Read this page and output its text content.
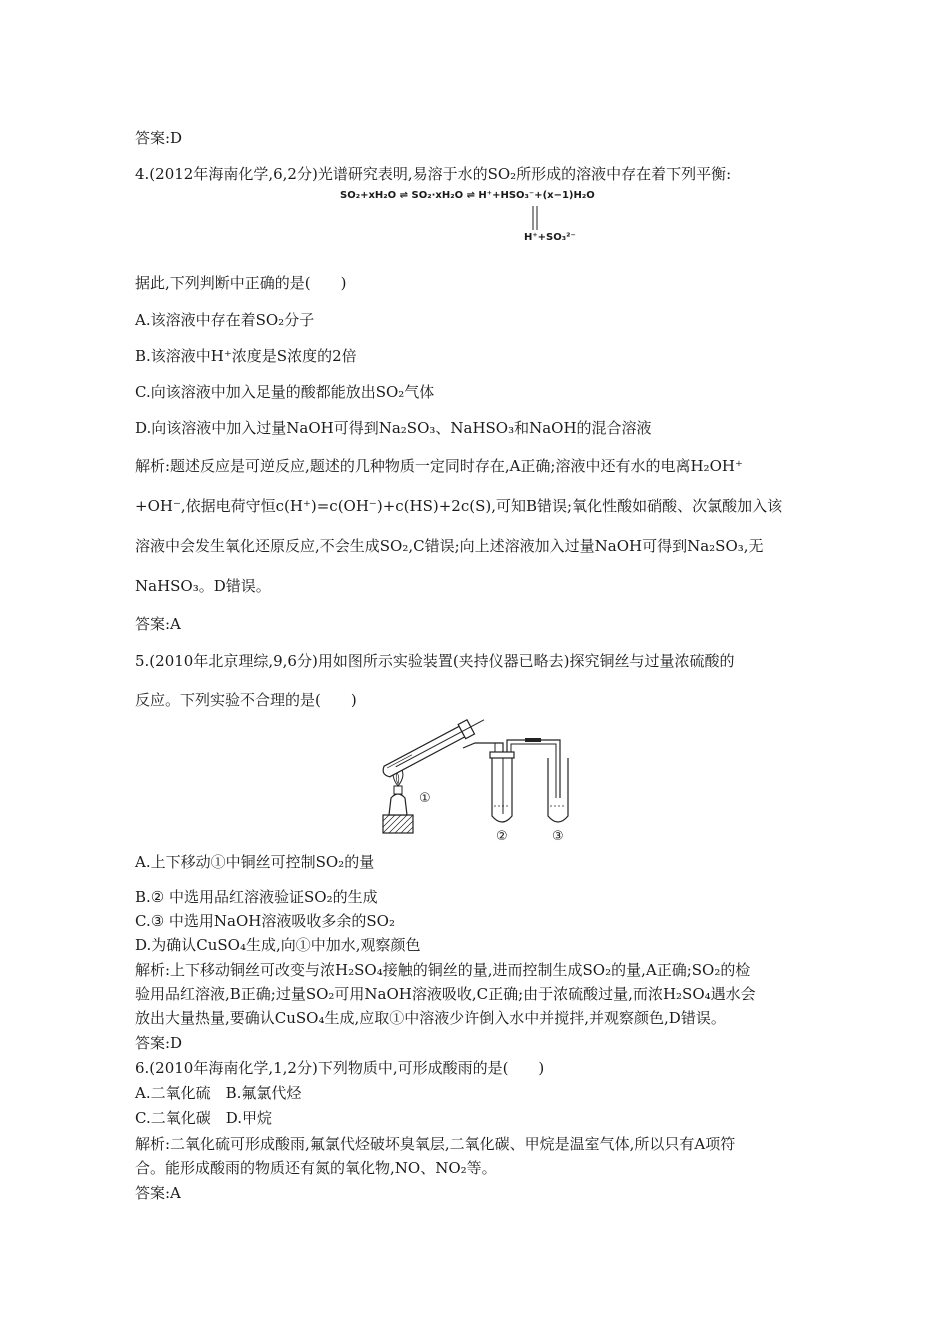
答案:D
4.(2012年海南化学,6,2分)光谱研究表明,易溶于水的SO₂所形成的溶液中存在着下列平衡:
SO₂+xH₂O ⇌ SO₂·xH₂O ⇌ H⁺+HSO₃⁻+(x−1)H₂O
H⁺+SO₃²⁻
据此,下列判断中正确的是(　　)
A.该溶液中存在着SO₂分子
B.该溶液中H⁺浓度是S浓度的2倍
C.向该溶液中加入足量的酸都能放出SO₂气体
D.向该溶液中加入过量NaOH可得到Na₂SO₃、NaHSO₃和NaOH的混合溶液
解析:题述反应是可逆反应,题述的几种物质一定同时存在,A正确;溶液中还有水的电离H₂OH⁺
+OH⁻,依据电荷守恒c(H⁺)=c(OH⁻)+c(HS)+2c(S),可知B错误;氧化性酸如硝酸、次氯酸加入该
溶液中会发生氧化还原反应,不会生成SO₂,C错误;向上述溶液加入过量NaOH可得到Na₂SO₃,无
NaHSO₃。D错误。
答案:A
5.(2010年北京理综,9,6分)用如图所示实验装置(夹持仪器已略去)探究铜丝与过量浓硫酸的
反应。下列实验不合理的是(　　)
①
②	③
A.上下移动①中铜丝可控制SO₂的量
B.② 中选用品红溶液验证SO₂的生成
C.③ 中选用NaOH溶液吸收多余的SO₂
D.为确认CuSO₄生成,向①中加水,观察颜色
解析:上下移动铜丝可改变与浓H₂SO₄接触的铜丝的量,进而控制生成SO₂的量,A正确;SO₂的检
验用品红溶液,B正确;过量SO₂可用NaOH溶液吸收,C正确;由于浓硫酸过量,而浓H₂SO₄遇水会
放出大量热量,要确认CuSO₄生成,应取①中溶液少许倒入水中并搅拌,并观察颜色,D错误。
答案:D
6.(2010年海南化学,1,2分)下列物质中,可形成酸雨的是(　　)
A.二氧化硫　B.氟氯代烃
C.二氧化碳　D.甲烷
解析:二氧化硫可形成酸雨,氟氯代烃破坏臭氧层,二氧化碳、甲烷是温室气体,所以只有A项符
合。能形成酸雨的物质还有氮的氧化物,NO、NO₂等。
答案:A
